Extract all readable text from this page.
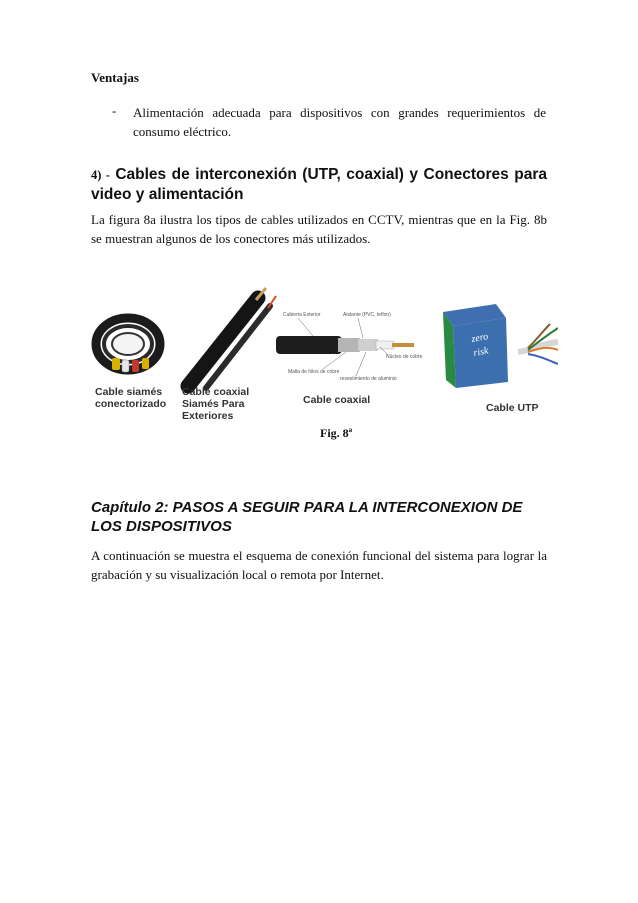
Ventajas
- Alimentación adecuada para dispositivos con grandes requerimientos de consumo eléctrico.
4) - Cables de interconexión (UTP, coaxial) y Conectores para video y alimentación
La figura 8a ilustra los tipos de cables utilizados en CCTV, mientras que en la Fig. 8b se muestran algunos de los conectores más utilizados.
Cubierta Exterior	Aislante (PVC, teflon)
Núcleo de cobre
Malla de hilos de cobre
revestimiento de aluminio
zero
risk
Cable siamés
conectorizado
Cable coaxial
Siamés Para
Exteriores
Cable coaxial
Cable UTP
Fig. 8ª
Capítulo 2: PASOS A SEGUIR PARA LA INTERCONEXION DE LOS DISPOSITIVOS
A continuación se muestra el esquema de conexión funcional del sistema para lograr la grabación y su visualización local o remota por Internet.
